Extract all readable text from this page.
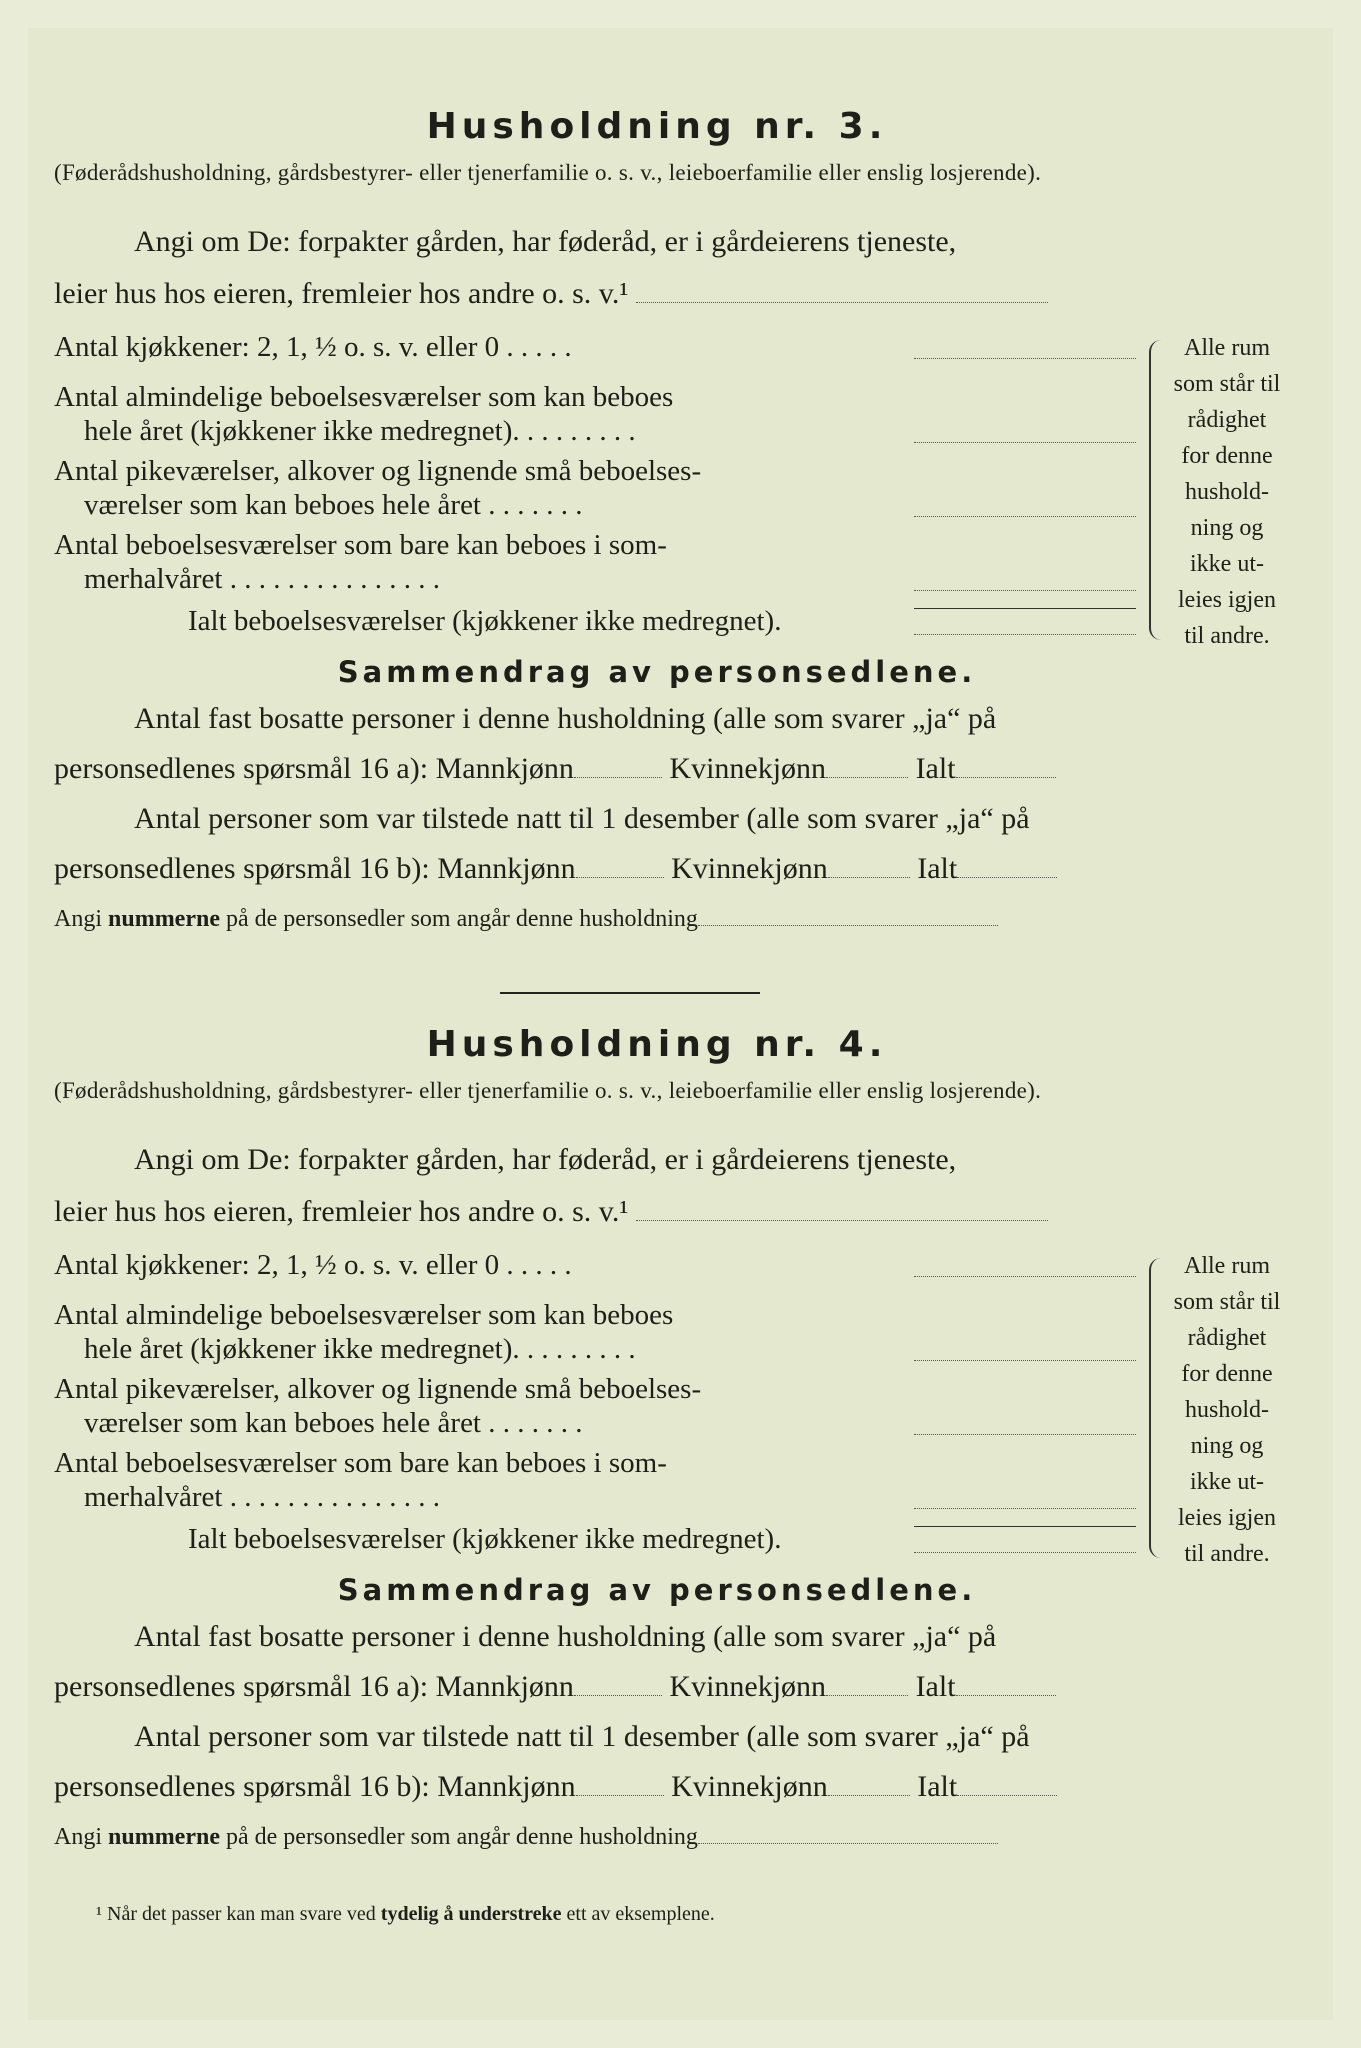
Husholdning nr. 3.
(Føderådshusholdning, gårdsbestyrer- eller tjenerfamilie o. s. v., leieboerfamilie eller enslig losjerende).
Angi om De: forpakter gården, har føderåd, er i gårdeierens tjeneste,
leier hus hos eieren, fremleier hos andre o. s. v.¹
Antal kjøkkener: 2, 1, ½ o. s. v. eller 0 . . . . .
Antal almindelige beboelsesværelser som kan beboes
hele året (kjøkkener ikke medregnet). . . . . . . . .
Antal pikeværelser, alkover og lignende små beboelses-
værelser som kan beboes hele året . . . . . . .
Antal beboelsesværelser som bare kan beboes i som-
merhalvåret . . . . . . . . . . . . . . .
Ialt beboelsesværelser (kjøkkener ikke medregnet).
Alle rum
som står til
rådighet
for denne
hushold-
ning og
ikke ut-
leies igjen
til andre.
Sammendrag av personsedlene.
Antal fast bosatte personer i denne husholdning (alle som svarer „ja“ på
personsedlenes spørsmål 16 a): Mannkjønn	Kvinnekjønn	Ialt
Antal personer som var tilstede natt til 1 desember (alle som svarer „ja“ på
personsedlenes spørsmål 16 b): Mannkjønn	Kvinnekjønn	Ialt
Angi nummerne på de personsedler som angår denne husholdning
Husholdning nr. 4.
(Føderådshusholdning, gårdsbestyrer- eller tjenerfamilie o. s. v., leieboerfamilie eller enslig losjerende).
Angi om De: forpakter gården, har føderåd, er i gårdeierens tjeneste,
leier hus hos eieren, fremleier hos andre o. s. v.¹
Antal kjøkkener: 2, 1, ½ o. s. v. eller 0 . . . . .
Antal almindelige beboelsesværelser som kan beboes
hele året (kjøkkener ikke medregnet). . . . . . . . .
Antal pikeværelser, alkover og lignende små beboelses-
værelser som kan beboes hele året . . . . . . .
Antal beboelsesværelser som bare kan beboes i som-
merhalvåret . . . . . . . . . . . . . . .
Ialt beboelsesværelser (kjøkkener ikke medregnet).
Alle rum
som står til
rådighet
for denne
hushold-
ning og
ikke ut-
leies igjen
til andre.
Sammendrag av personsedlene.
Antal fast bosatte personer i denne husholdning (alle som svarer „ja“ på
personsedlenes spørsmål 16 a): Mannkjønn	Kvinnekjønn	Ialt
Antal personer som var tilstede natt til 1 desember (alle som svarer „ja“ på
personsedlenes spørsmål 16 b): Mannkjønn	Kvinnekjønn	Ialt
Angi nummerne på de personsedler som angår denne husholdning
¹ Når det passer kan man svare ved tydelig å understreke ett av eksemplene.
